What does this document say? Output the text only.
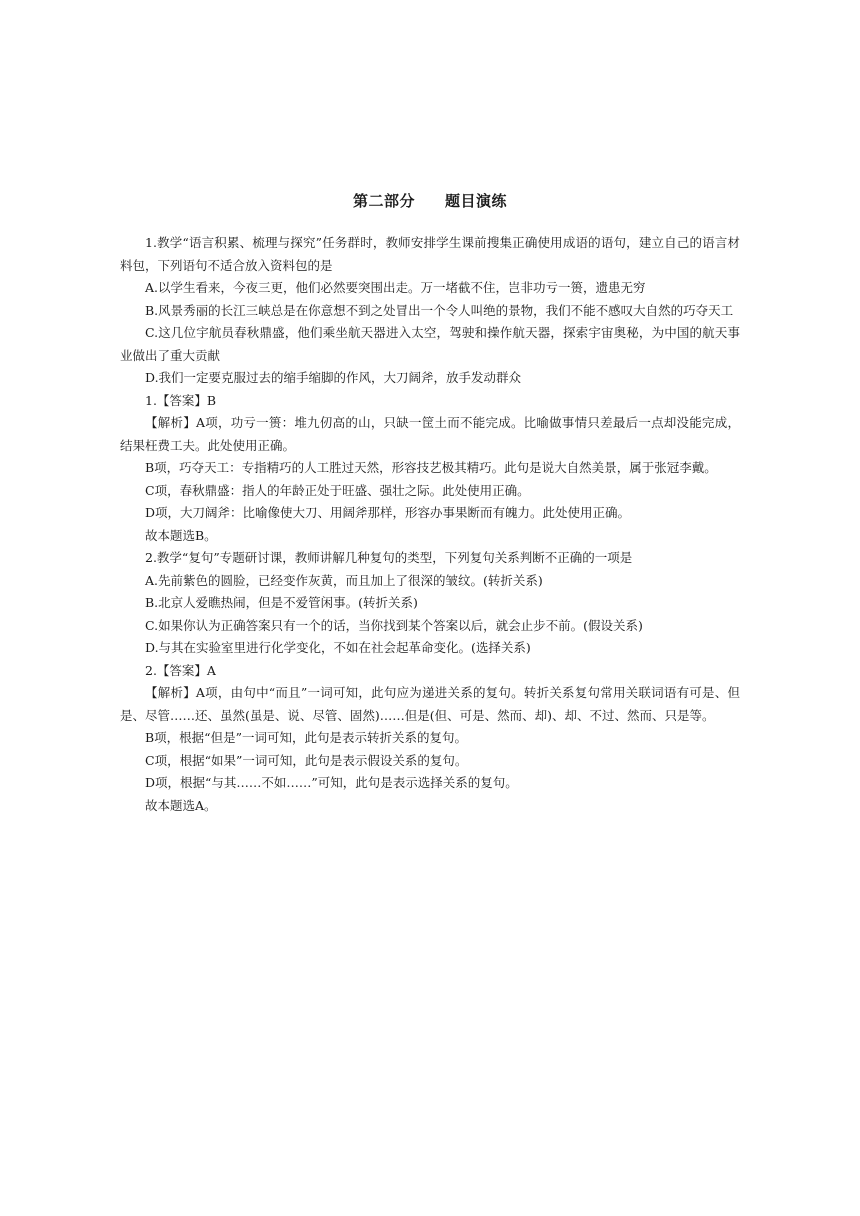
第二部分 题目演练

1.教学“语言积累、梳理与探究”任务群时，教师安排学生课前搜集正确使用成语的语句，建立自己的语言材料包，下列语句不适合放入资料包的是

A.以学生看来，今夜三更，他们必然要突围出走。万一堵截不住，岂非功亏一篑，遗患无穷

B.风景秀丽的长江三峡总是在你意想不到之处冒出一个令人叫绝的景物，我们不能不感叹大自然的巧夺天工

C.这几位宇航员春秋鼎盛，他们乘坐航天器进入太空，驾驶和操作航天器，探索宇宙奥秘，为中国的航天事业做出了重大贡献

D.我们一定要克服过去的缩手缩脚的作风，大刀阔斧，放手发动群众

1.【答案】B

【解析】A项，功亏一篑：堆九仞高的山，只缺一筐土而不能完成。比喻做事情只差最后一点却没能完成，结果枉费工夫。此处使用正确。

B项，巧夺天工：专指精巧的人工胜过天然，形容技艺极其精巧。此句是说大自然美景，属于张冠李戴。

C项，春秋鼎盛：指人的年龄正处于旺盛、强壮之际。此处使用正确。

D项，大刀阔斧：比喻像使大刀、用阔斧那样，形容办事果断而有魄力。此处使用正确。

故本题选B。

2.教学“复句”专题研讨课，教师讲解几种复句的类型，下列复句关系判断不正确的一项是

A.先前紫色的圆脸，已经变作灰黄，而且加上了很深的皱纹。(转折关系)

B.北京人爱瞧热闹，但是不爱管闲事。(转折关系)

C.如果你认为正确答案只有一个的话，当你找到某个答案以后，就会止步不前。(假设关系)

D.与其在实验室里进行化学变化，不如在社会起革命变化。(选择关系)

2.【答案】A

【解析】A项，由句中“而且”一词可知，此句应为递进关系的复句。转折关系复句常用关联词语有可是、但是、尽管……还、虽然(虽是、说、尽管、固然)……但是(但、可是、然而、却)、却、不过、然而、只是等。

B项，根据“但是”一词可知，此句是表示转折关系的复句。

C项，根据“如果”一词可知，此句是表示假设关系的复句。

D项，根据“与其……不如……”可知，此句是表示选择关系的复句。

故本题选A。
